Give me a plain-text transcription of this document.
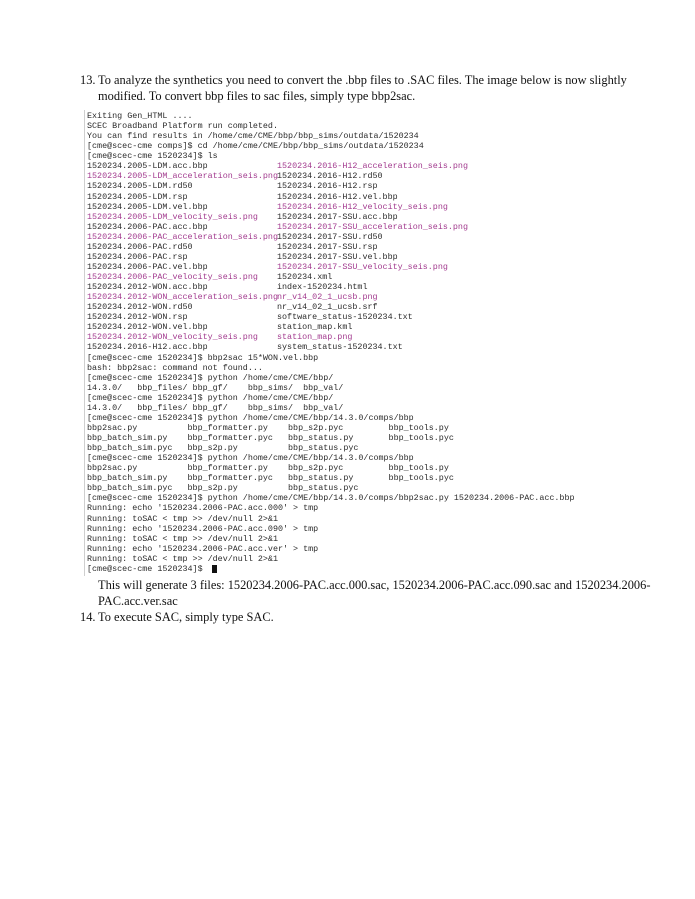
13. To analyze the synthetics you need to convert the .bbp files to .SAC files. The image below is now slightly modified. To convert bbp files to sac files, simply type bbp2sac.
Exiting Gen_HTML ....
SCEC Broadband Platform run completed.
You can find results in /home/cme/CME/bbp/bbp_sims/outdata/1520234
[cme@scec-cme comps]$ cd /home/cme/CME/bbp/bbp_sims/outdata/1520234
[cme@scec-cme 1520234]$ ls
1520234.2005-LDM.acc.bbp	1520234.2016-H12_acceleration_seis.png
1520234.2005-LDM_acceleration_seis.png 1520234.2016-H12.rd50
1520234.2005-LDM.rd50	1520234.2016-H12.rsp
1520234.2005-LDM.rsp	1520234.2016-H12.vel.bbp
1520234.2005-LDM.vel.bbp	1520234.2016-H12_velocity_seis.png
1520234.2005-LDM_velocity_seis.png 1520234.2017-SSU.acc.bbp
1520234.2006-PAC.acc.bbp	1520234.2017-SSU_acceleration_seis.png
1520234.2006-PAC_acceleration_seis.png 1520234.2017-SSU.rd50
1520234.2006-PAC.rd50	1520234.2017-SSU.rsp
1520234.2006-PAC.rsp	1520234.2017-SSU.vel.bbp
1520234.2006-PAC.vel.bbp	1520234.2017-SSU_velocity_seis.png
1520234.2006-PAC_velocity_seis.png 1520234.xml
1520234.2012-WON.acc.bbp	index-1520234.html
1520234.2012-WON_acceleration_seis.png nr_v14_02_1_ucsb.png
1520234.2012-WON.rd50	nr_v14_02_1_ucsb.srf
1520234.2012-WON.rsp	software_status-1520234.txt
1520234.2012-WON.vel.bbp	station_map.kml
1520234.2012-WON_velocity_seis.png station_map.png
1520234.2016-H12.acc.bbp	system_status-1520234.txt
[cme@scec-cme 1520234]$ bbp2sac 15*WON.vel.bbp
bash: bbp2sac: command not found...
[cme@scec-cme 1520234]$ python /home/cme/CME/bbp/
14.3.0/   bbp_files/ bbp_gf/    bbp_sims/  bbp_val/
[cme@scec-cme 1520234]$ python /home/cme/CME/bbp/
14.3.0/   bbp_files/ bbp_gf/    bbp_sims/  bbp_val/
[cme@scec-cme 1520234]$ python /home/cme/CME/bbp/14.3.0/comps/bbp
bbp2sac.py          bbp_formatter.py    bbp_s2p.pyc         bbp_tools.py
bbp_batch_sim.py    bbp_formatter.pyc   bbp_status.py       bbp_tools.pyc
bbp_batch_sim.pyc   bbp_s2p.py          bbp_status.pyc
[cme@scec-cme 1520234]$ python /home/cme/CME/bbp/14.3.0/comps/bbp
bbp2sac.py          bbp_formatter.py    bbp_s2p.pyc         bbp_tools.py
bbp_batch_sim.py    bbp_formatter.pyc   bbp_status.py       bbp_tools.pyc
bbp_batch_sim.pyc   bbp_s2p.py          bbp_status.pyc
[cme@scec-cme 1520234]$ python /home/cme/CME/bbp/14.3.0/comps/bbp2sac.py 1520234.2006-PAC.acc.bbp
Running: echo '1520234.2006-PAC.acc.000' > tmp
Running: toSAC < tmp >> /dev/null 2>&1
Running: echo '1520234.2006-PAC.acc.090' > tmp
Running: toSAC < tmp >> /dev/null 2>&1
Running: echo '1520234.2006-PAC.acc.ver' > tmp
Running: toSAC < tmp >> /dev/null 2>&1
[cme@scec-cme 1520234]$
This will generate 3 files: 1520234.2006-PAC.acc.000.sac, 1520234.2006-PAC.acc.090.sac and 1520234.2006-PAC.acc.ver.sac
14. To execute SAC, simply type SAC.
